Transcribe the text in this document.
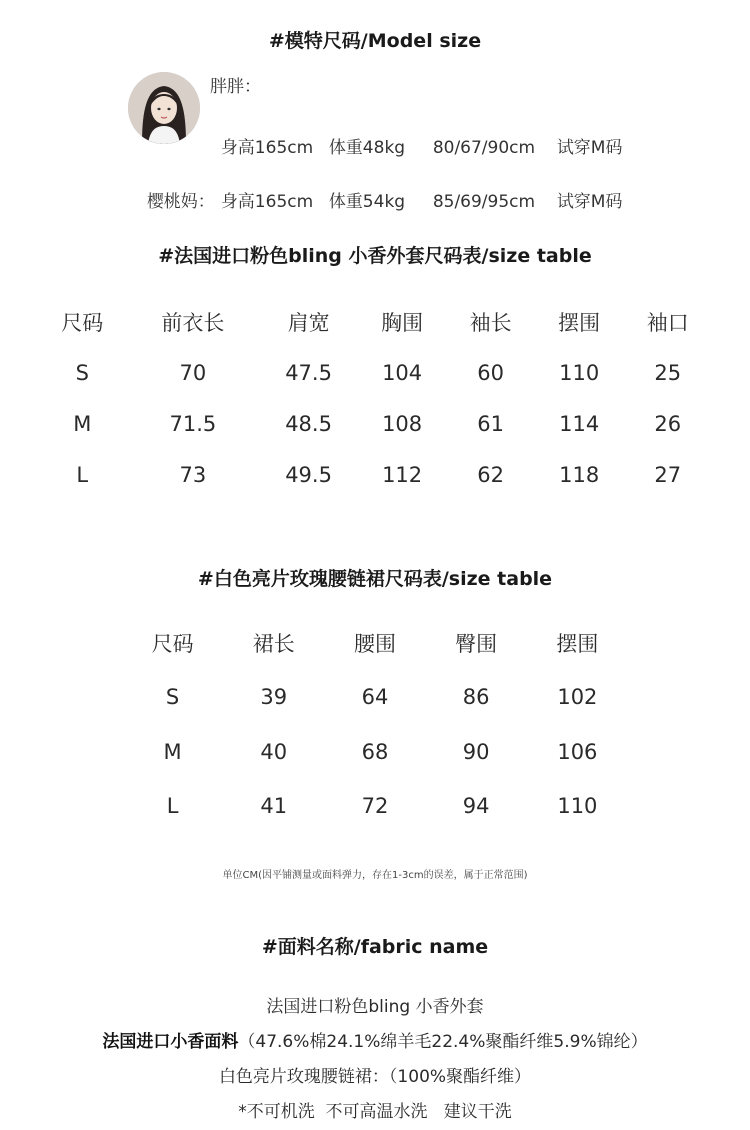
#模特尺码/Model size
胖胖：

身高165cm 体重48kg 80/67/90cm 试穿M码

樱桃妈： 身高165cm 体重54kg 85/69/95cm 试穿M码

#法国进口粉色bling 小香外套尺码表/size table
尺码	前衣长	肩宽	胸围	袖长	摆围	袖口
S	70	47.5	104	60	110	25
M	71.5	48.5	108	61	114	26
L	73	49.5	112	62	118	27
#白色亮片玫瑰腰链裙尺码表/size table
尺码	裙长	腰围	臀围	摆围
S	39	64	86	102
M	40	68	90	106
L	41	72	94	110
单位CM(因平铺测量或面料弹力，存在1-3cm的误差，属于正常范围)
#面料名称/fabric name
法国进口粉色bling 小香外套
法国进口小香面料（47.6%棉24.1%绵羊毛22.4%聚酯纤维5.9%锦纶）
白色亮片玫瑰腰链裙：（100%聚酯纤维）
*不可机洗  不可高温水洗   建议干洗
